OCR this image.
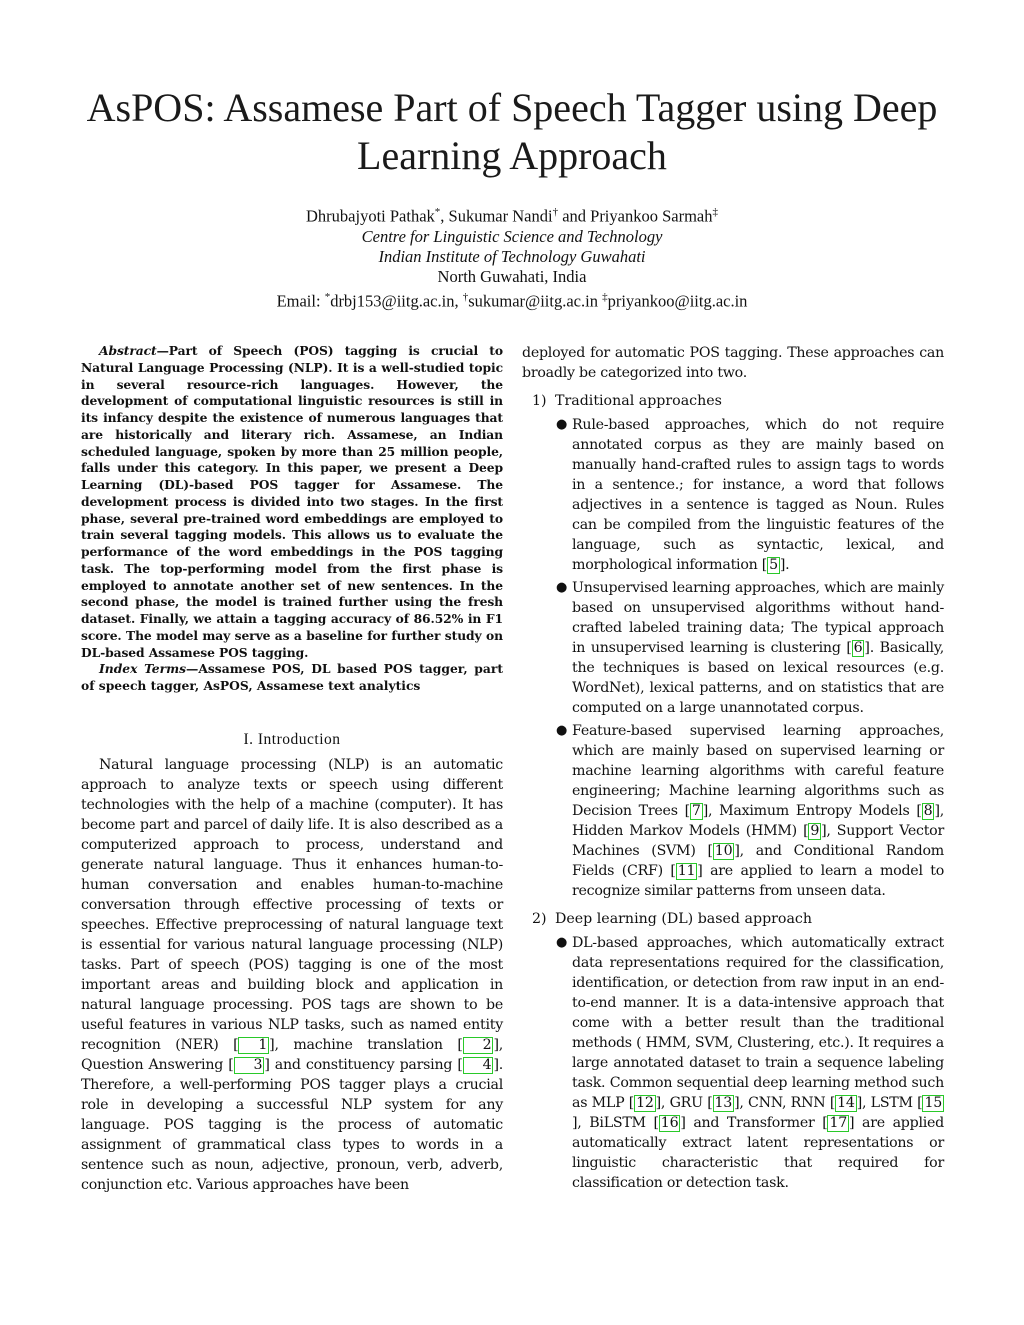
AsPOS: Assamese Part of Speech Tagger using Deep Learning Approach
Dhrubajyoti Pathak*, Sukumar Nandi† and Priyankoo Sarmah‡
Centre for Linguistic Science and Technology
Indian Institute of Technology Guwahati
North Guwahati, India
Email: *drbj153@iitg.ac.in, †sukumar@iitg.ac.in ‡priyankoo@iitg.ac.in

Abstract—Part of Speech (POS) tagging is crucial to Natural Language Processing (NLP). It is a well-studied topic in several resource-rich languages. However, the development of computational linguistic resources is still in its infancy despite the existence of numerous languages that are historically and literary rich. Assamese, an Indian scheduled language, spoken by more than 25 million people, falls under this category. In this paper, we present a Deep Learning (DL)-based POS tagger for Assamese. The development process is divided into two stages. In the first phase, several pre-trained word embeddings are employed to train several tagging models. This allows us to evaluate the performance of the word embeddings in the POS tagging task. The top-performing model from the first phase is employed to annotate another set of new sentences. In the second phase, the model is trained further using the fresh dataset. Finally, we attain a tagging accuracy of 86.52% in F1 score. The model may serve as a baseline for further study on DL-based Assamese POS tagging.

Index Terms—Assamese POS, DL based POS tagger, part of speech tagger, AsPOS, Assamese text analytics

I. Introduction

Natural language processing (NLP) is an automatic approach to analyze texts or speech using different technologies with the help of a machine (computer). It has become part and parcel of daily life. It is also described as a computerized approach to process, understand and generate natural language. Thus it enhances human-to-human conversation and enables human-to-machine conversation through effective processing of texts or speeches. Effective preprocessing of natural language text is essential for various natural language processing (NLP) tasks. Part of speech (POS) tagging is one of the most important areas and building block and application in natural language processing. POS tags are shown to be useful features in various NLP tasks, such as named entity recognition (NER) [ 1 ], machine translation [ 2 ], Question Answering [ 3 ] and constituency parsing [ 4 ]. Therefore, a well-performing POS tagger plays a crucial role in developing a successful NLP system for any language. POS tagging is the process of automatic assignment of grammatical class types to words in a sentence such as noun, adjective, pronoun, verb, adverb, conjunction etc. Various approaches have been

deployed for automatic POS tagging. These approaches can broadly be categorized into two.

1) Traditional approaches
● Rule-based approaches, which do not require annotated corpus as they are mainly based on manually hand-crafted rules to assign tags to words in a sentence.; for instance, a word that follows adjectives in a sentence is tagged as Noun. Rules can be compiled from the linguistic features of the language, such as syntactic, lexical, and morphological information [ 5 ].
● Unsupervised learning approaches, which are mainly based on unsupervised algorithms without hand-crafted labeled training data; The typical approach in unsupervised learning is clustering [ 6 ]. Basically, the techniques is based on lexical resources (e.g. WordNet), lexical patterns, and on statistics that are computed on a large unannotated corpus.
● Feature-based supervised learning approaches, which are mainly based on supervised learning or machine learning algorithms with careful feature engineering; Machine learning algorithms such as Decision Trees [ 7 ], Maximum Entropy Models [ 8 ], Hidden Markov Models (HMM) [ 9 ], Support Vector Machines (SVM) [ 10 ], and Conditional Random Fields (CRF) [ 11 ] are applied to learn a model to recognize similar patterns from unseen data.
2) Deep learning (DL) based approach
● DL-based approaches, which automatically extract data representations required for the classification, identification, or detection from raw input in an end-to-end manner. It is a data-intensive approach that come with a better result than the traditional methods ( HMM, SVM, Clustering, etc.). It requires a large annotated dataset to train a sequence labeling task. Common sequential deep learning method such as MLP [ 12 ], GRU [ 13 ], CNN, RNN [ 14 ], LSTM [ 15], BiLSTM [ 16 ] and Transformer [ 17 ] are applied automatically extract latent representations or linguistic characteristic that required for classification or detection task.
